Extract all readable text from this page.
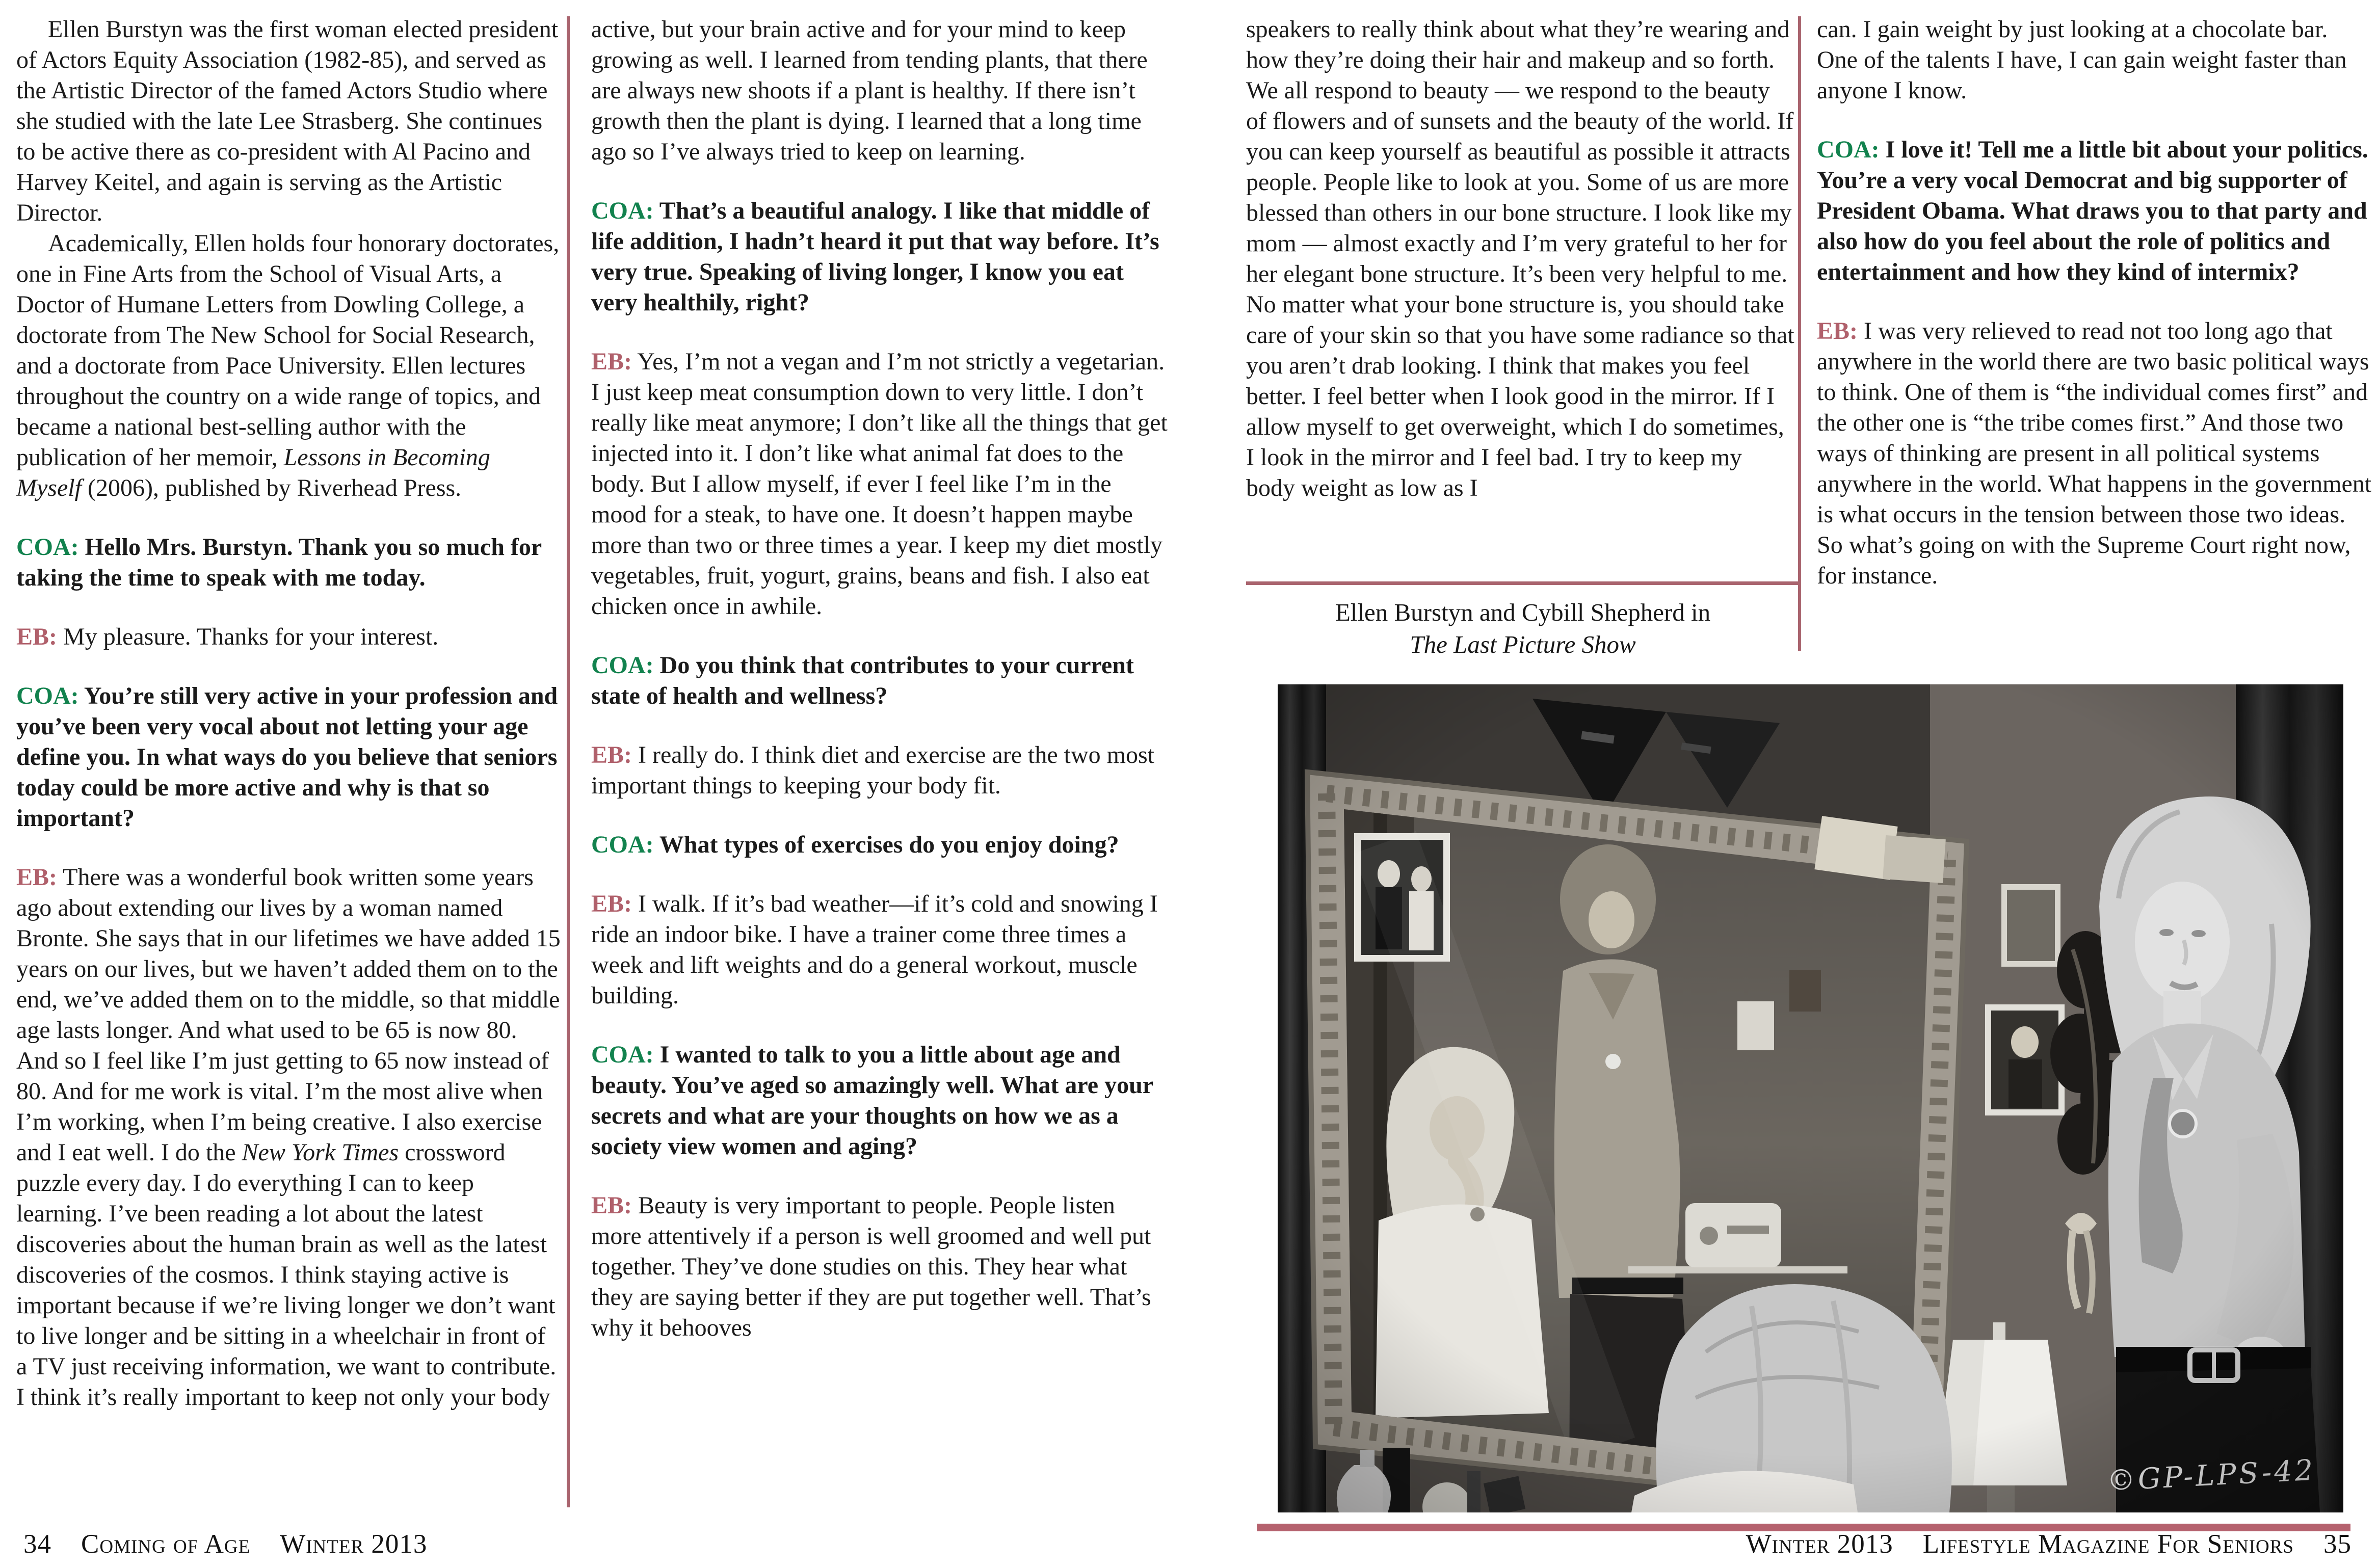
Ellen Burstyn was the first woman elected president of Actors Equity Association (1982-85), and served as the Artistic Director of the famed Actors Studio where she studied with the late Lee Strasberg. She continues to be active there as co-president with Al Pacino and Harvey Keitel, and again is serving as the Artistic Director.

Academically, Ellen holds four honorary doctorates, one in Fine Arts from the School of Visual Arts, a Doctor of Humane Letters from Dowling College, a doctorate from The New School for Social Research, and a doctorate from Pace University. Ellen lectures throughout the country on a wide range of topics, and became a national best-selling author with the publication of her memoir, Lessons in Becoming Myself (2006), published by Riverhead Press.

COA: Hello Mrs. Burstyn. Thank you so much for taking the time to speak with me today.

EB: My pleasure. Thanks for your interest.

COA: You’re still very active in your profession and you’ve been very vocal about not letting your age define you. In what ways do you believe that seniors today could be more active and why is that so important?

EB: There was a wonderful book written some years ago about extending our lives by a woman named Bronte. She says that in our lifetimes we have added 15 years on our lives, but we haven’t added them on to the end, we’ve added them on to the middle, so that middle age lasts longer. And what used to be 65 is now 80. And so I feel like I’m just getting to 65 now instead of 80. And for me work is vital. I’m the most alive when I’m working, when I’m being creative. I also exercise and I eat well. I do the New York Times crossword puzzle every day. I do everything I can to keep learning. I’ve been reading a lot about the latest discoveries about the human brain as well as the latest discoveries of the cosmos. I think staying active is important because if we’re living longer we don’t want to live longer and be sitting in a wheelchair in front of a TV just receiving information, we want to contribute. I think it’s really important to keep not only your body

active, but your brain active and for your mind to keep growing as well. I learned from tending plants, that there are always new shoots if a plant is healthy. If there isn’t growth then the plant is dying. I learned that a long time ago so I’ve always tried to keep on learning.

COA: That’s a beautiful analogy. I like that middle of life addition, I hadn’t heard it put that way before. It’s very true. Speaking of living longer, I know you eat very healthily, right?

EB: Yes, I’m not a vegan and I’m not strictly a vegetarian. I just keep meat consumption down to very little. I don’t really like meat anymore; I don’t like all the things that get injected into it. I don’t like what animal fat does to the body. But I allow myself, if ever I feel like I’m in the mood for a steak, to have one. It doesn’t happen maybe more than two or three times a year. I keep my diet mostly vegetables, fruit, yogurt, grains, beans and fish. I also eat chicken once in awhile.

COA: Do you think that contributes to your current state of health and wellness?

EB: I really do. I think diet and exercise are the two most important things to keeping your body fit.

COA: What types of exercises do you enjoy doing?

EB: I walk. If it’s bad weather—if it’s cold and snowing I ride an indoor bike. I have a trainer come three times a week and lift weights and do a general workout, muscle building.

COA: I wanted to talk to you a little about age and beauty. You’ve aged so amazingly well. What are your secrets and what are your thoughts on how we as a society view women and aging?

EB: Beauty is very important to people. People listen more attentively if a person is well groomed and well put together. They’ve done studies on this. They hear what they are saying better if they are put together well. That’s why it behooves

speakers to really think about what they’re wearing and how they’re doing their hair and makeup and so forth. We all respond to beauty — we respond to the beauty of flowers and of sunsets and the beauty of the world. If you can keep yourself as beautiful as possible it attracts people. People like to look at you. Some of us are more blessed than others in our bone structure. I look like my mom — almost exactly and I’m very grateful to her for her elegant bone structure. It’s been very helpful to me. No matter what your bone structure is, you should take care of your skin so that you have some radiance so that you aren’t drab looking. I think that makes you feel better. I feel better when I look good in the mirror. If I allow myself to get overweight, which I do sometimes, I look in the mirror and I feel bad. I try to keep my body weight as low as I

can. I gain weight by just looking at a chocolate bar. One of the talents I have, I can gain weight faster than anyone I know.

COA: I love it! Tell me a little bit about your politics. You’re a very vocal Democrat and big supporter of President Obama. What draws you to that party and also how do you feel about the role of politics and entertainment and how they kind of intermix?

EB: I was very relieved to read not too long ago that anywhere in the world there are two basic political ways to think. One of them is “the individual comes first” and the other one is “the tribe comes first.” And those two ways of thinking are present in all political systems anywhere in the world. What happens in the government is what occurs in the tension between those two ideas. So what’s going on with the Supreme Court right now, for instance.

Ellen Burstyn and Cybill Shepherd in
The Last Picture Show
34 Coming of Age Winter 2013	Winter 2013 Lifestyle Magazine For Seniors 35
